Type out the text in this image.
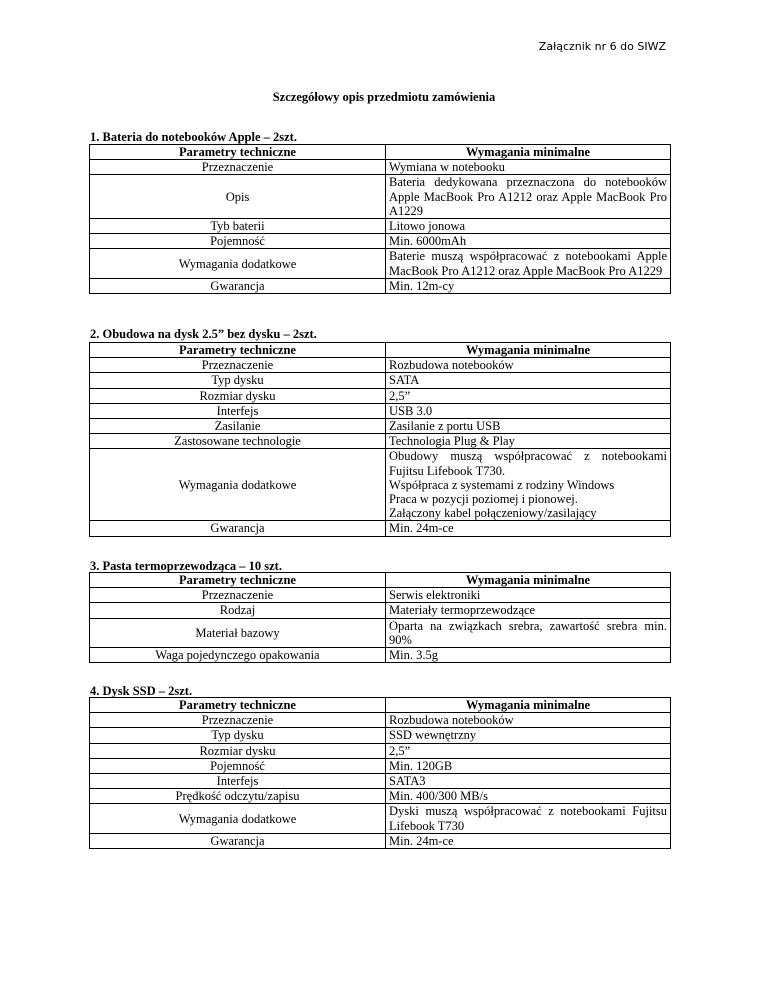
Załącznik nr 6 do SIWZ
Szczegółowy opis przedmiotu zamówienia
1. Bateria do notebooków Apple – 2szt.
Parametry techniczne	Wymagania minimalne
Przeznaczenie	Wymiana w notebooku
Opis	Bateria dedykowana przeznaczona do notebooków Apple MacBook Pro A1212 oraz Apple MacBook Pro A1229
Tyb baterii	Litowo jonowa
Pojemność	Min. 6000mAh
Wymagania dodatkowe	Baterie muszą współpracować z notebookami Apple MacBook Pro A1212 oraz Apple MacBook Pro A1229
Gwarancja	Min. 12m-cy
2. Obudowa na dysk 2.5” bez dysku – 2szt.
Parametry techniczne	Wymagania minimalne
Przeznaczenie	Rozbudowa notebooków
Typ dysku	SATA
Rozmiar dysku	2,5”
Interfejs	USB 3.0
Zasilanie	Zasilanie z portu USB
Zastosowane technologie	Technologia Plug & Play
Wymagania dodatkowe	Obudowy muszą współpracować z notebookami Fujitsu Lifebook T730.
Współpraca z systemami z rodziny Windows
Praca w pozycji poziomej i pionowej.
Załączony kabel połączeniowy/zasilający
Gwarancja	Min. 24m-ce
3. Pasta termoprzewodząca – 10 szt.
Parametry techniczne	Wymagania minimalne
Przeznaczenie	Serwis elektroniki
Rodzaj	Materiały termoprzewodzące
Materiał bazowy	Oparta na związkach srebra, zawartość srebra min. 90%
Waga pojedynczego opakowania	Min. 3.5g
4. Dysk SSD – 2szt.
Parametry techniczne	Wymagania minimalne
Przeznaczenie	Rozbudowa notebooków
Typ dysku	SSD wewnętrzny
Rozmiar dysku	2,5”
Pojemność	Min. 120GB
Interfejs	SATA3
Prędkość odczytu/zapisu	Min. 400/300 MB/s
Wymagania dodatkowe	Dyski muszą współpracować z notebookami Fujitsu Lifebook T730
Gwarancja	Min. 24m-ce
